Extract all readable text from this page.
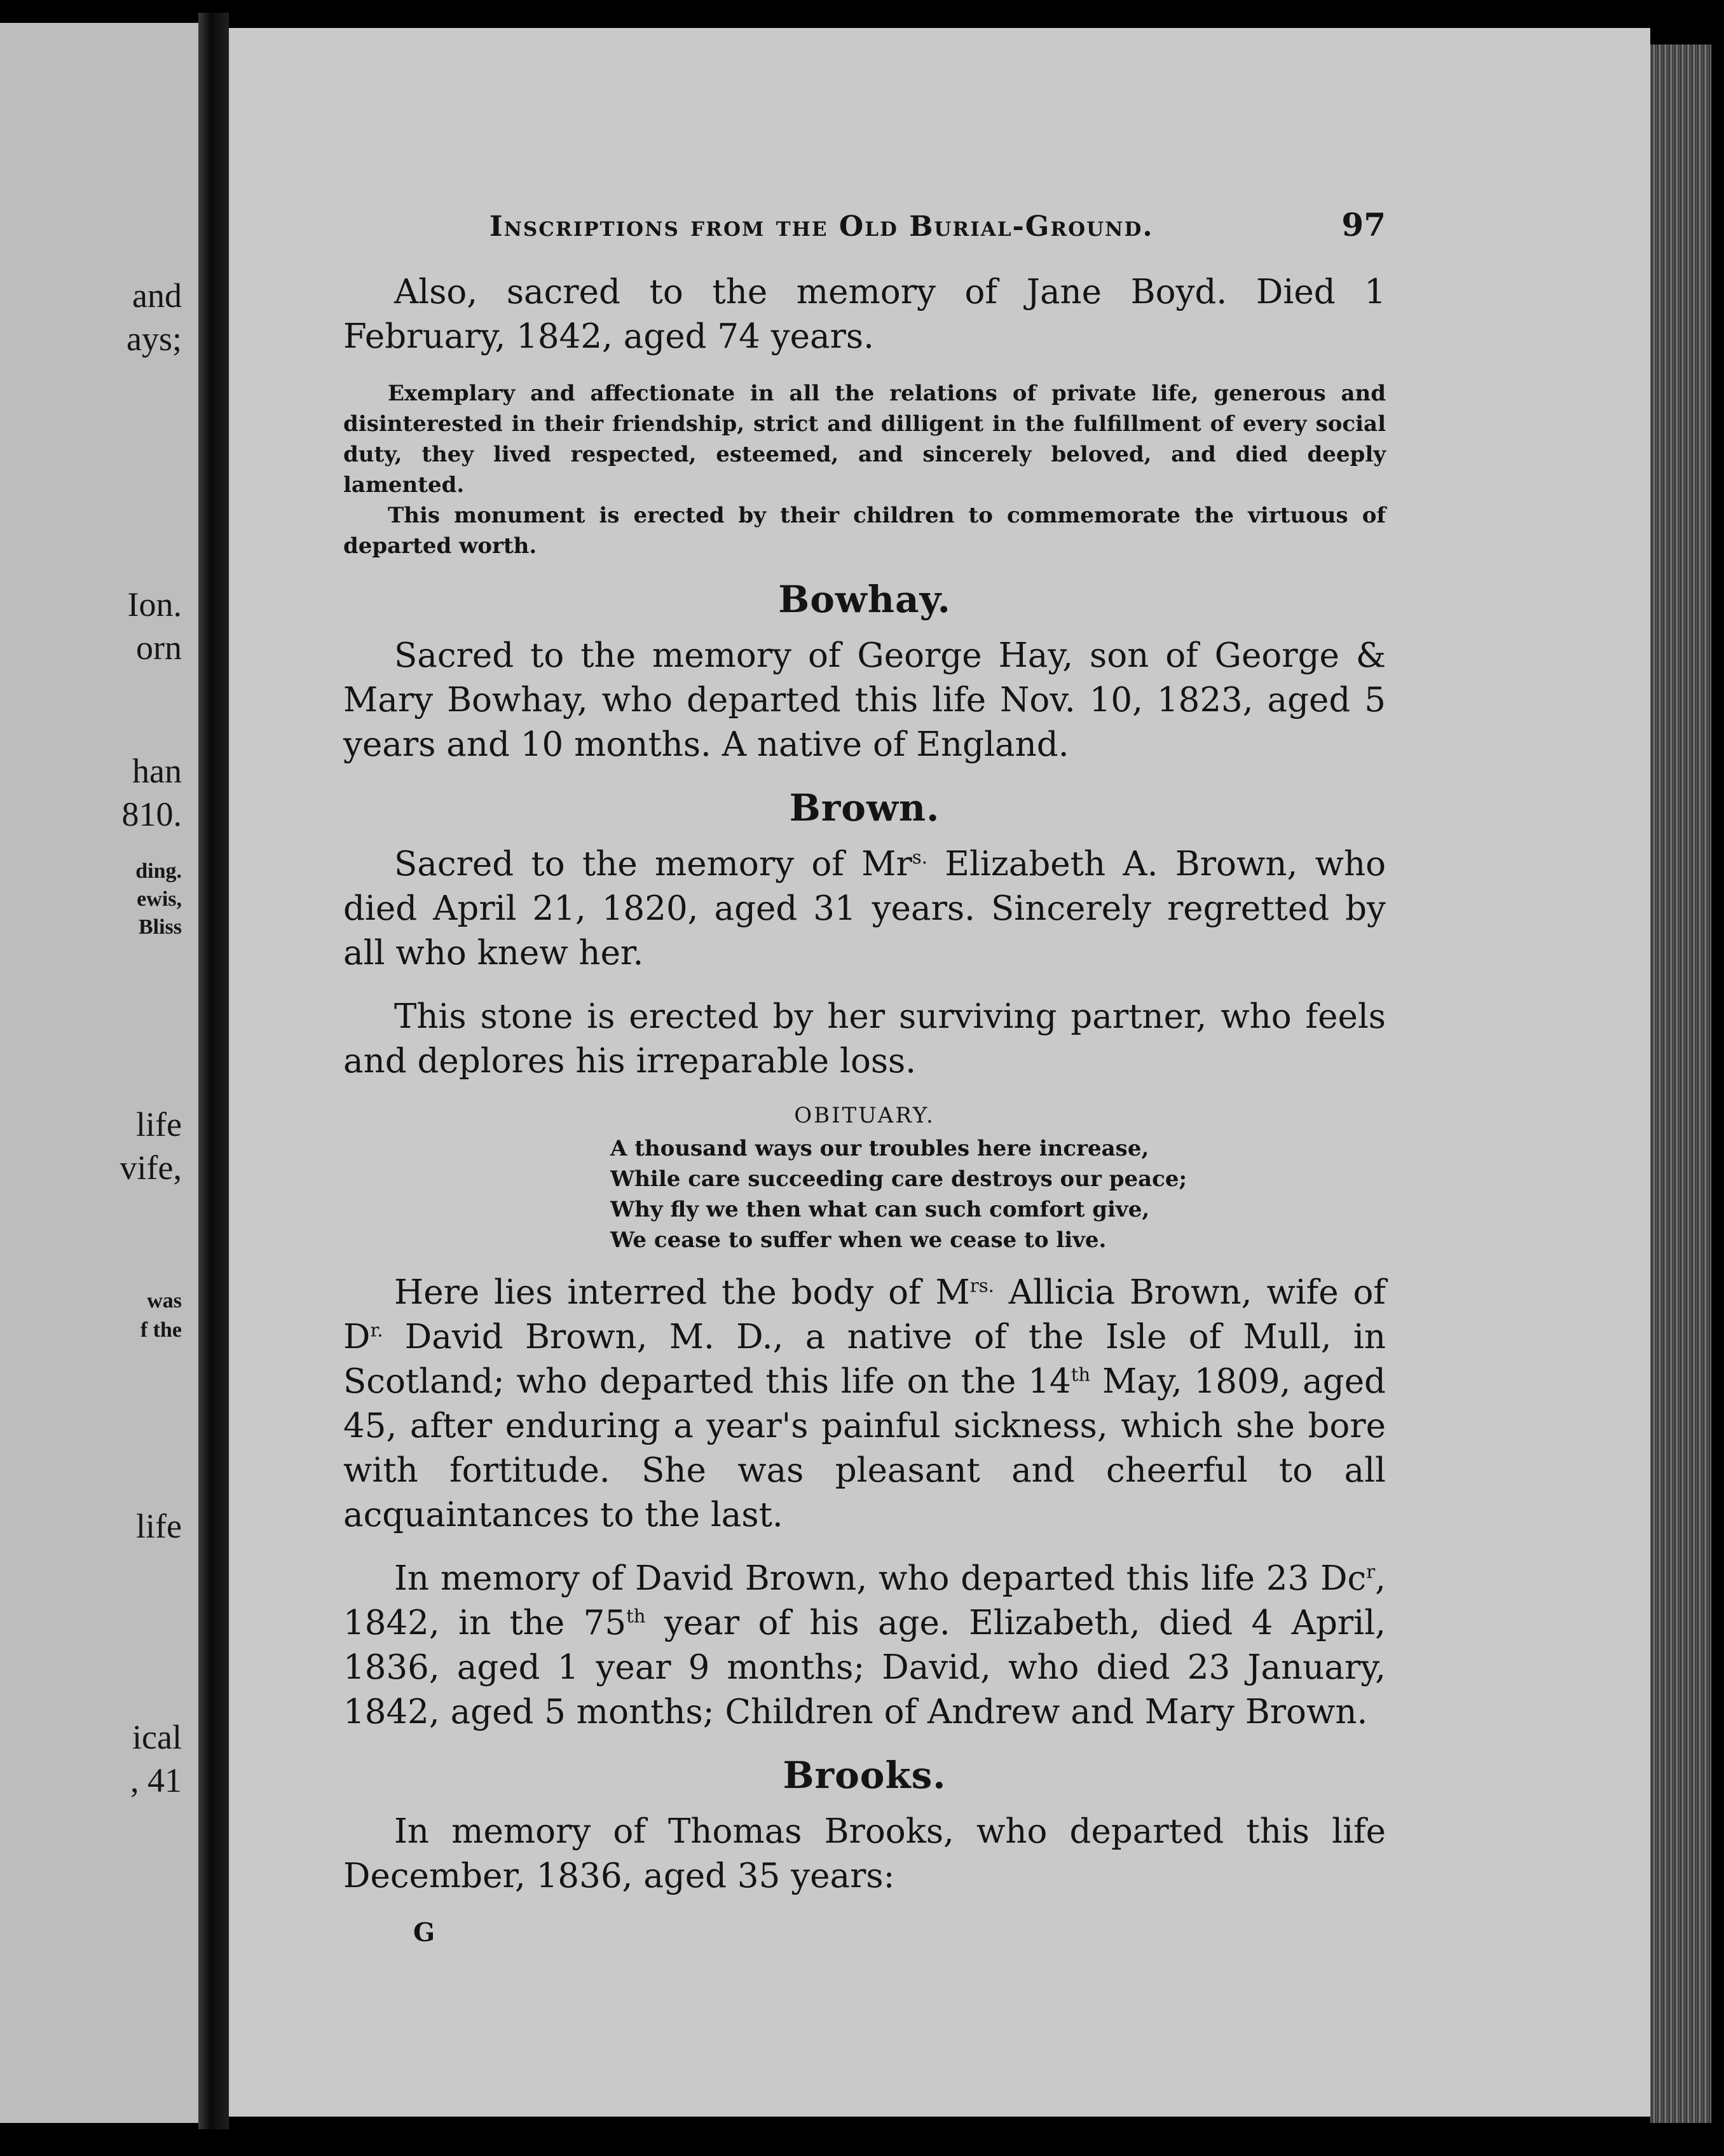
and
ays;
Ion.
orn
han
810.
ding.
ewis,
Bliss
life
vife,
was
f the
life
ical
, 41
Inscriptions from the Old Burial-Ground.	97

Also, sacred to the memory of Jane Boyd. Died 1 February, 1842, aged 74 years.

Exemplary and affectionate in all the relations of private life, generous and disinterested in their friendship, strict and dilligent in the fulfillment of every social duty, they lived respected, esteemed, and sincerely beloved, and died deeply lamented.

This monument is erected by their children to commemorate the virtuous of departed worth.

Bowhay.

Sacred to the memory of George Hay, son of George & Mary Bowhay, who departed this life Nov. 10, 1823, aged 5 years and 10 months. A native of England.

Brown.

Sacred to the memory of $Mr^{s.}$ Elizabeth A. Brown, who died April 21, 1820, aged 31 years. Sincerely regretted by all who knew her.

This stone is erected by her surviving partner, who feels and deplores his irreparable loss.

OBITUARY.
A thousand ways our troubles here increase,
While care succeeding care destroys our peace;
Why fly we then what can such comfort give,
We cease to suffer when we cease to live.

Here lies interred the body of $M^{rs.}$ Allicia Brown, wife of $D^{r.}$ David Brown, M. D., a native of the Isle of Mull, in Scotland; who departed this life on the 14th May, 1809, aged 45, after enduring a year's painful sickness, which she bore with fortitude. She was pleasant and cheerful to all acquaintances to the last.

In memory of David Brown, who departed this life 23 Dc$^r$, 1842, in the 75th year of his age. Elizabeth, died 4 April, 1836, aged 1 year 9 months; David, who died 23 January, 1842, aged 5 months; Children of Andrew and Mary Brown.

Brooks.

In memory of Thomas Brooks, who departed this life December, 1836, aged 35 years:

G
